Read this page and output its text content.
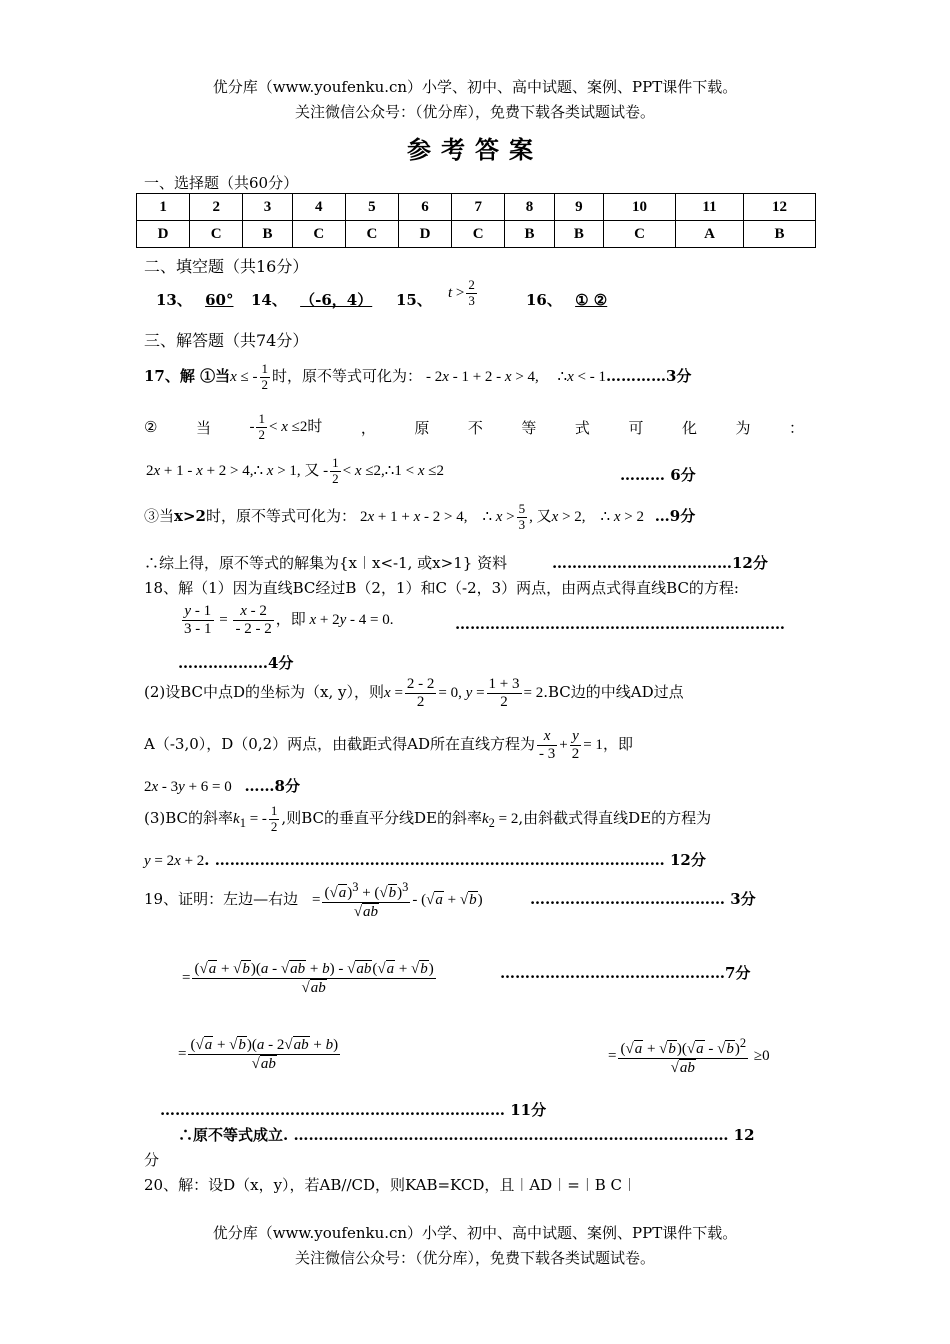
优分库（www.youfenku.cn）小学、初中、高中试题、案例、PPT课件下载。
关注微信公众号：（优分库），免费下载各类试题试卷。
参考答案
一、选择题（共60分）
1	2	3	4	5	6	7	8	9	10	11	12
D	C	B	C	C	D	C	B	B	C	A	B
二、填空题（共16分）
13、 60°	14、 （-6，4）	15、 $t > \frac{2}{3}$	16、 ① ②
三、解答题（共74分）
17、解 ①当x ≤ - $\frac{1}{2}$ 时，原不等式可化为： - 2x - 1 + 2 - x > 4,     ∴x < - 1…………3分
②	当	- $\frac{1}{2} < x \le 2$时	，	原	不	等	式	可	化	为	：
2x + 1 - x + 2 > 4,∴ x > 1, 又 - $\frac{1}{2} < x$ ≤2,∴1 < x ≤2	……… 6分
③当x>2时，原不等式可化为： 2x + 1 + x - 2 > 4,    ∴ $x > \frac{5}{3}$ , 又x > 2,    ∴ x > 2 …9分
∴综上得，原不等式的解集为{x︱x<-1, 或x>1} 资料	………………………………12分
18、解（1）因为直线BC经过B（2，1）和C（-2，3）两点，由两点式得直线BC的方程:
$\frac{y - 1}{3 - 1} = \frac{x - 2}{- 2 - 2}$ ，即 x + 2y - 4 = 0.	…………………………………………………………
………………4分
(2)设BC中点D的坐标为（x, y），则$x = \frac{2 - 2}{2} = 0$, $y = \frac{1 + 3}{2} = 2.BC$边的中线AD过点
A（-3,0），D（0,2）两点，由截距式得AD所在直线方程为 $\frac{x}{- 3} + \frac{y}{2} = 1$，即
2x - 3y + 6 = 0 ……8分
(3)BC的斜率$k_1$ = - $\frac{1}{2}$ ,则BC的垂直平分线DE的斜率$k_2 = 2$,由斜截式得直线DE的方程为
y = 2x + 2. ……………………………………………………………………………… 12分
19、证明：左边—右边 = $\frac{(√a)^3 + (√b)^3}{√ab} - (√a + √b)$	………………………………… 3分
= $\frac{(√a + √b)(a - √ab + b) - √ab(√a + √b)}{√ab}$	………………………………………7分
= $\frac{(√a + √b)(a - 2√ab + b)}{√ab}$	= $\frac{(√a + √b)(√a - √b)^2}{√ab} \ge 0$
…………………………………………………………… 11分
∴原不等式成立. …………………………………………………………………………… 12
分
20、解：设D（x，y），若AB//CD，则KAB=KCD，且︱AD︱=︱B C︱
优分库（www.youfenku.cn）小学、初中、高中试题、案例、PPT课件下载。
关注微信公众号：（优分库），免费下载各类试题试卷。
